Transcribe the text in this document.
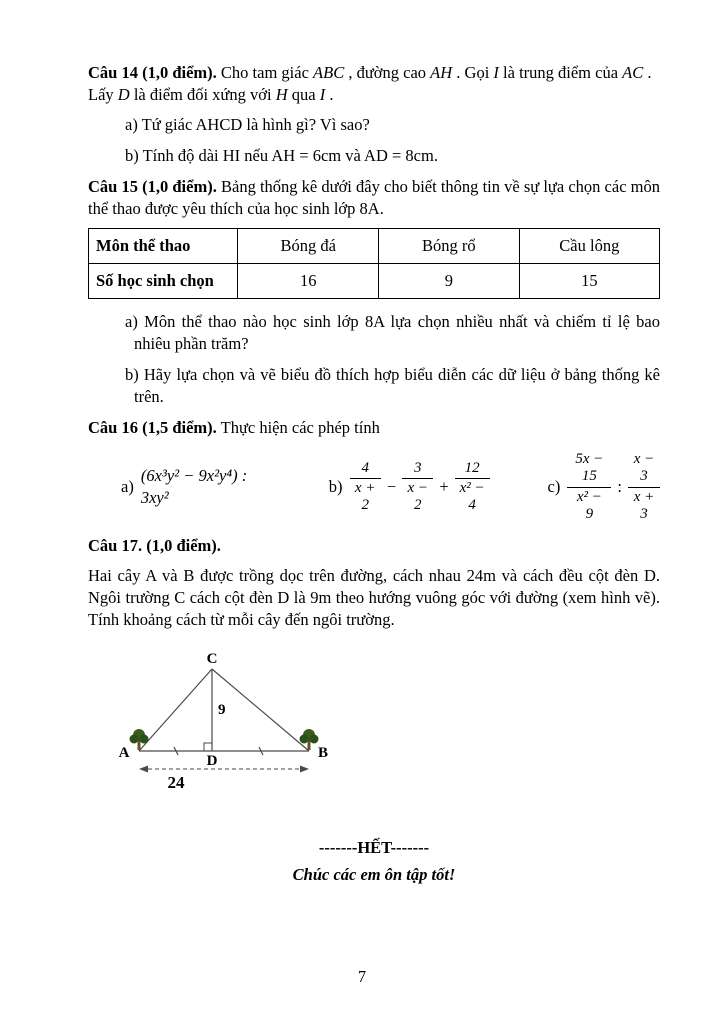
Câu 14 (1,0 điểm). Cho tam giác ABC , đường cao AH . Gọi I là trung điểm của AC .
Lấy D là điểm đối xứng với H qua I .

a) Tứ giác AHCD là hình gì? Vì sao?

b) Tính độ dài HI nếu AH = 6cm và AD = 8cm.

Câu 15 (1,0 điểm). Bảng thống kê dưới đây cho biết thông tin về sự lựa chọn các môn thể thao được yêu thích của học sinh lớp 8A.

Môn thể thao	Bóng đá	Bóng rổ	Cầu lông
Số học sinh chọn	16	9	15

a) Môn thể thao nào học sinh lớp 8A lựa chọn nhiều nhất và chiếm tỉ lệ bao nhiêu phần trăm?

b) Hãy lựa chọn và vẽ biểu đồ thích hợp biểu diễn các dữ liệu ở bảng thống kê trên.

Câu 16 (1,5 điểm). Thực hiện các phép tính

a)
(6x³y² − 9x²y⁴) : 3xy²
$b) \frac{4}{x + 2} - \frac{3}{x - 2} + \frac{12}{\text{x² − 4}}$	$c) \frac{5x - 15}{\text{x² − 9}}$ : $\frac{x - 3}{x + 3}$

Câu 17. (1,0 điểm).

Hai cây A và B được trồng dọc trên đường, cách nhau 24m và cách đều cột đèn D. Ngôi trường C cách cột đèn D là 9m theo hướng vuông góc với đường (xem hình vẽ). Tính khoảng cách từ mỗi cây đến ngôi trường.

C
A	B
D
9
24

-------HẾT-------

Chúc các em ôn tập tốt!

7
